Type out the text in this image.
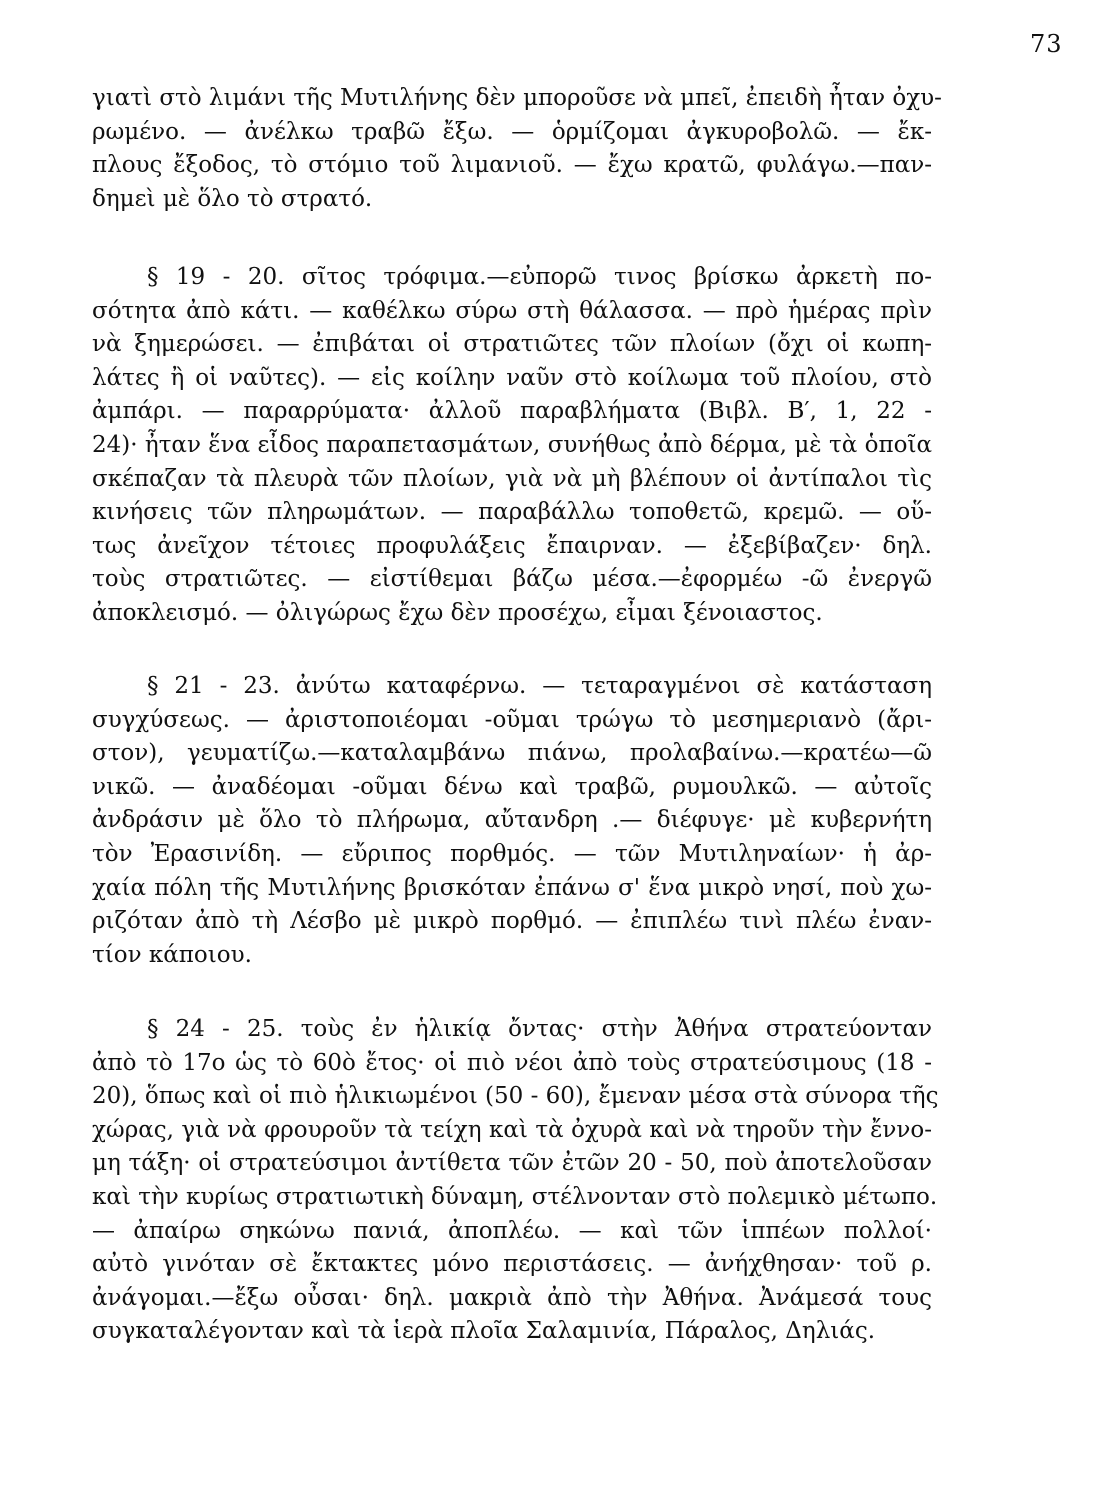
73
γιατὶ στὸ λιμάνι τῆς Μυτιλήνης δὲν μποροῦσε νὰ μπεῖ, ἐπειδὴ ἦταν ὀχυ-
ρωμένο. — ἀνέλκω τραβῶ ἔξω. — ὁρμίζομαι ἀγκυροβολῶ. — ἔκ-
πλους ἔξοδος, τὸ στόμιο τοῦ λιμανιοῦ. — ἔχω κρατῶ, φυλάγω.—παν-
δημεὶ μὲ ὅλο τὸ στρατό.
§ 19 - 20. σῖτος τρόφιμα.—εὐπορῶ τινος βρίσκω ἀρκετὴ πο-
σότητα ἀπὸ κάτι. — καθέλκω σύρω στὴ θάλασσα. — πρὸ ἡμέρας πρὶν
νὰ ξημερώσει. — ἐπιβάται οἱ στρατιῶτες τῶν πλοίων (ὄχι οἱ κωπη-
λάτες ἢ οἱ ναῦτες). — εἰς κοίλην ναῦν στὸ κοίλωμα τοῦ πλοίου, στὸ
ἀμπάρι. — παραρρύματα· ἀλλοῦ παραβλήματα (Βιβλ. Β′, 1, 22 -
24)· ἦταν ἕνα εἶδος παραπετασμάτων, συνήθως ἀπὸ δέρμα, μὲ τὰ ὁποῖα
σκέπαζαν τὰ πλευρὰ τῶν πλοίων, γιὰ νὰ μὴ βλέπουν οἱ ἀντίπαλοι τὶς
κινήσεις τῶν πληρωμάτων. — παραβάλλω τοποθετῶ, κρεμῶ. — οὕ-
τως ἀνεῖχον τέτοιες προφυλάξεις ἔπαιρναν. — ἐξεβίβαζεν· δηλ.
τοὺς στρατιῶτες. — εἰστίθεμαι βάζω μέσα.—ἐφορμέω -ῶ ἐνεργῶ
ἀποκλεισμό. — ὀλιγώρως ἔχω δὲν προσέχω, εἶμαι ξένοιαστος.
§ 21 - 23. ἀνύτω καταφέρνω. — τεταραγμένοι σὲ κατάσταση
συγχύσεως. — ἀριστοποιέομαι -οῦμαι τρώγω τὸ μεσημεριανὸ (ἄρι-
στον), γευματίζω.—καταλαμβάνω πιάνω, προλαβαίνω.—κρατέω—ῶ
νικῶ. — ἀναδέομαι -οῦμαι δένω καὶ τραβῶ, ρυμουλκῶ. — αὐτοῖς
ἀνδράσιν μὲ ὅλο τὸ πλήρωμα, αὔτανδρη .— διέφυγε· μὲ κυβερνήτη
τὸν Ἐρασινίδη. — εὔριπος πορθμός. — τῶν Μυτιληναίων· ἡ ἀρ-
χαία πόλη τῆς Μυτιλήνης βρισκόταν ἐπάνω σ' ἕνα μικρὸ νησί, ποὺ χω-
ριζόταν ἀπὸ τὴ Λέσβο μὲ μικρὸ πορθμό. — ἐπιπλέω τινὶ πλέω ἐναν-
τίον κάποιου.
§ 24 - 25. τοὺς ἐν ἡλικίᾳ ὄντας· στὴν Ἀθήνα στρατεύονταν
ἀπὸ τὸ 17ο ὡς τὸ 60ὸ ἔτος· οἱ πιὸ νέοι ἀπὸ τοὺς στρατεύσιμους (18 -
20), ὅπως καὶ οἱ πιὸ ἡλικιωμένοι (50 - 60), ἔμεναν μέσα στὰ σύνορα τῆς
χώρας, γιὰ νὰ φρουροῦν τὰ τείχη καὶ τὰ ὀχυρὰ καὶ νὰ τηροῦν τὴν ἔννο-
μη τάξη· οἱ στρατεύσιμοι ἀντίθετα τῶν ἐτῶν 20 - 50, ποὺ ἀποτελοῦσαν
καὶ τὴν κυρίως στρατιωτικὴ δύναμη, στέλνονταν στὸ πολεμικὸ μέτωπο.
— ἀπαίρω σηκώνω πανιά, ἀποπλέω. — καὶ τῶν ἱππέων πολλοί·
αὐτὸ γινόταν σὲ ἔκτακτες μόνο περιστάσεις. — ἀνήχθησαν· τοῦ ρ.
ἀνάγομαι.—ἔξω οὖσαι· δηλ. μακριὰ ἀπὸ τὴν Ἀθήνα. Ἀνάμεσά τους
συγκαταλέγονταν καὶ τὰ ἱερὰ πλοῖα Σαλαμινία, Πάραλος, Δηλιάς.
